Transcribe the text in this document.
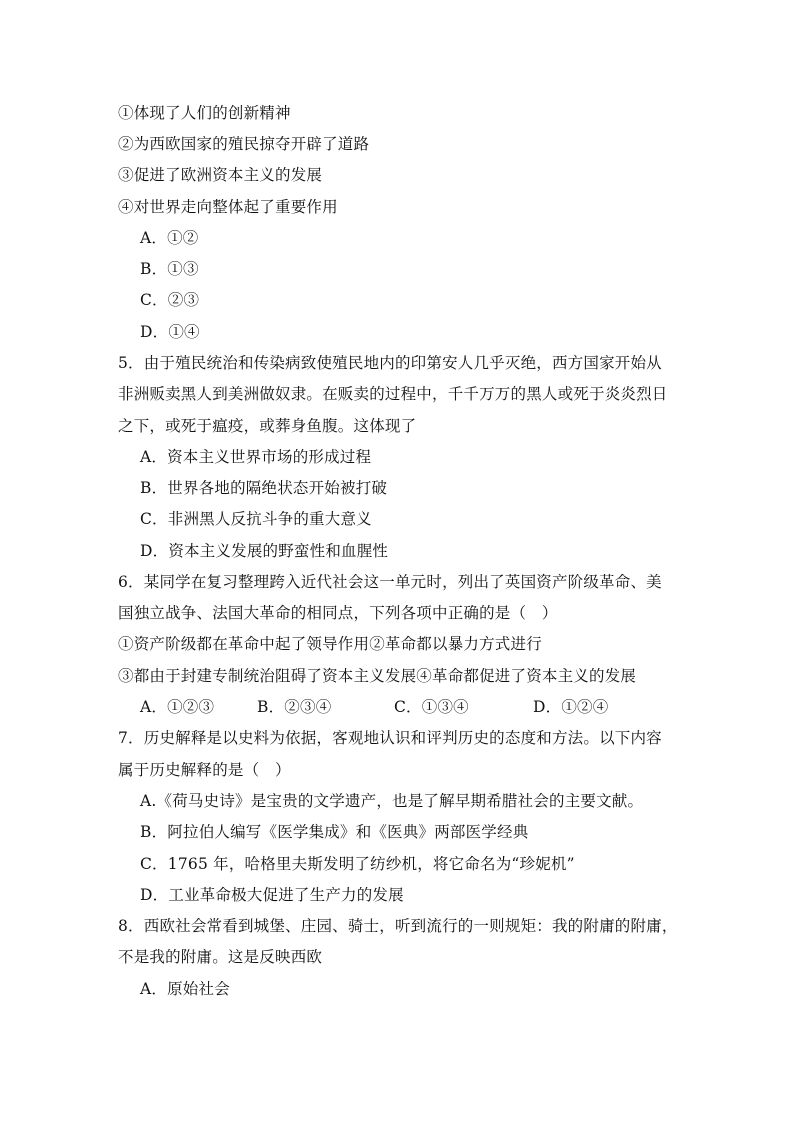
①体现了人们的创新精神
②为西欧国家的殖民掠夺开辟了道路
③促进了欧洲资本主义的发展
④对世界走向整体起了重要作用
A．①②
B．①③
C．②③
D．①④
5．由于殖民统治和传染病致使殖民地内的印第安人几乎灭绝，西方国家开始从
非洲贩卖黑人到美洲做奴隶。在贩卖的过程中，千千万万的黑人或死于炎炎烈日
之下，或死于瘟疫，或葬身鱼腹。这体现了
A．资本主义世界市场的形成过程
B．世界各地的隔绝状态开始被打破
C．非洲黑人反抗斗争的重大意义
D．资本主义发展的野蛮性和血腥性
6．某同学在复习整理跨入近代社会这一单元时，列出了英国资产阶级革命、美
国独立战争、法国大革命的相同点，下列各项中正确的是（　）
①资产阶级都在革命中起了领导作用②革命都以暴力方式进行
③都由于封建专制统治阻碍了资本主义发展④革命都促进了资本主义的发展
A．①②③	B．②③④	C．①③④	D．①②④
7．历史解释是以史料为依据，客观地认识和评判历史的态度和方法。以下内容
属于历史解释的是（　）
A.《荷马史诗》是宝贵的文学遗产，也是了解早期希腊社会的主要文献。
B．阿拉伯人编写《医学集成》和《医典》两部医学经典
C．1765 年，哈格里夫斯发明了纺纱机，将它命名为“珍妮机”
D．工业革命极大促进了生产力的发展
8．西欧社会常看到城堡、庄园、骑士，听到流行的一则规矩：我的附庸的附庸，
不是我的附庸。这是反映西欧
A．原始社会
